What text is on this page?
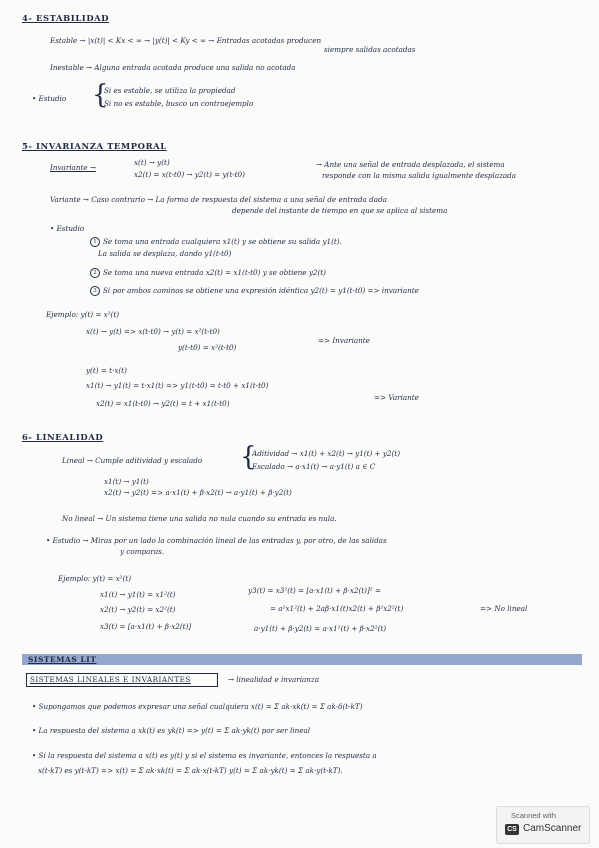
4- ESTABILIDAD
Estable → |x(t)| < Kx < ∞ → |y(t)| < Ky < ∞ → Entradas acotadas producen
siempre salidas acotadas
Inestable → Alguna entrada acotada produce una salida no acotada
• Estudio {
Si es estable, se utiliza la propiedad
Si no es estable, busco un contraejemplo
5- INVARIANZA TEMPORAL
Invariante →
x(t) → y(t)
x2(t) = x(t-t0) → y2(t) = y(t-t0)
→ Ante una señal de entrada desplazada, el sistema
responde con la misma salida igualmente desplazada
Variante → Caso contrario → La forma de respuesta del sistema a una señal de entrada dada
depende del instante de tiempo en que se aplica al sistema
• Estudio
1 Se toma una entrada cualquiera x1(t) y se obtiene su salida y1(t).
La salida se desplaza, dando y1(t-t0)
2 Se toma una nueva entrada x2(t) = x1(t-t0) y se obtiene y2(t)
3 Si por ambos caminos se obtiene una expresión idéntica y2(t) = y1(t-t0) => invariante
Ejemplo: y(t) = x²(t)
x(t) → y(t) => x(t-t0) → y(t) = x²(t-t0)
y(t-t0) = x²(t-t0)
=> Invariante
y(t) = t·x(t)
x1(t) → y1(t) = t·x1(t) => y1(t-t0) = t-t0 + x1(t-t0)
x2(t) = x1(t-t0) → y2(t) = t + x1(t-t0)
=> Variante
6- LINEALIDAD
Lineal → Cumple aditividad y escalado {
Aditividad → x1(t) + x2(t) → y1(t) + y2(t)
Escalado → a·x1(t) → a·y1(t) a ∈ C
x1(t) → y1(t)
x2(t) → y2(t) => a·x1(t) + β·x2(t) → a·y1(t) + β·y2(t)
No lineal → Un sistema tiene una salida no nula cuando su entrada es nula.
• Estudio → Miras por un lado la combinación lineal de las entradas y, por otro, de las salidas
y comparas.
Ejemplo: y(t) = x²(t)
x1(t) → y1(t) = x1²(t)
x2(t) → y2(t) = x2²(t)
x3(t) = [a·x1(t) + β·x2(t)]
y3(t) = x3²(t) = [a·x1(t) + β·x2(t)]² =
= a²x1²(t) + 2aβ·x1(t)x2(t) + β²x2²(t)	=> No lineal
a·y1(t) + β·y2(t) = a·x1²(t) + β·x2²(t)
SISTEMAS LIT
SISTEMAS LINEALES E INVARIANTES	→ linealidad e invarianza
• Supongamos que podemos expresar una señal cualquiera x(t) = Σ ak·xk(t) = Σ ak·δ(t-kT)
• La respuesta del sistema a xk(t) es yk(t) => y(t) = Σ ak·yk(t) por ser lineal
• Si la respuesta del sistema a x(t) es y(t) y si el sistema es invariante, entonces la respuesta a
x(t-kT) es y(t-kT) => x(t) = Σ ak·xk(t) = Σ ak·x(t-kT) y(t) = Σ ak·yk(t) = Σ ak·y(t-kT).
Scanned with
CS CamScanner
